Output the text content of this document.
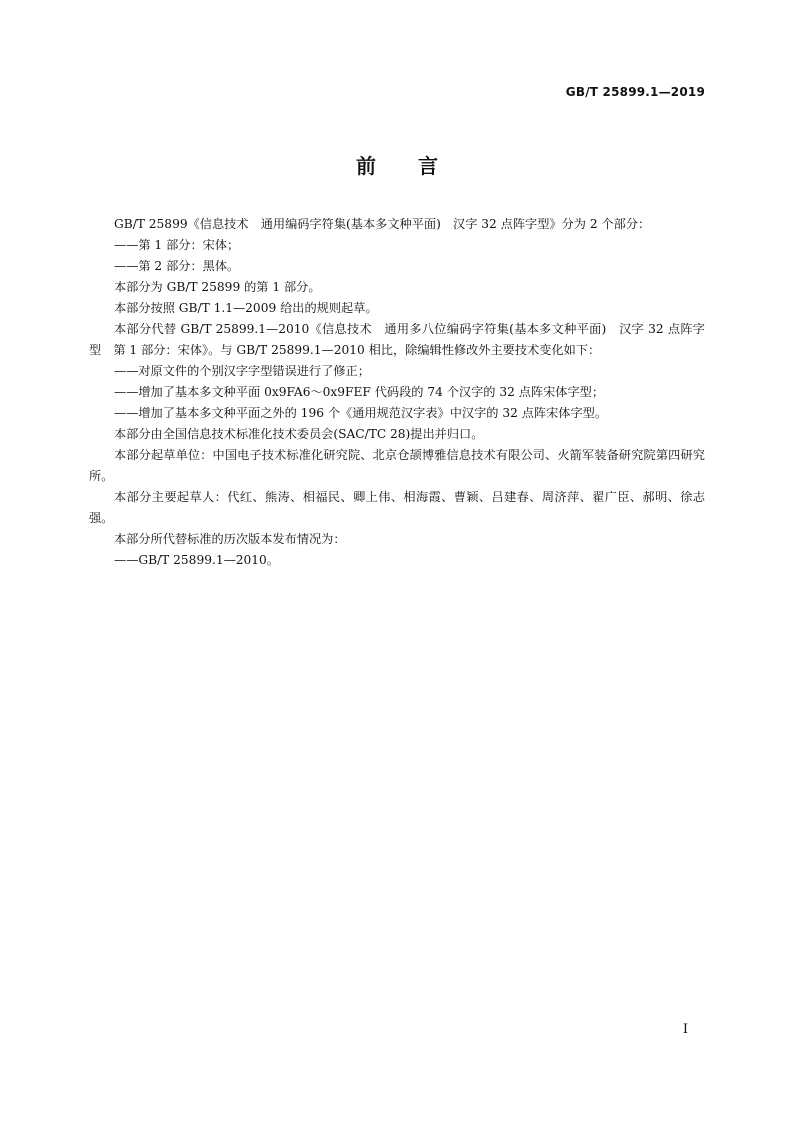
GB/T 25899.1—2019
前言

GB/T 25899《信息技术　通用编码字符集(基本多文种平面)　汉字 32 点阵字型》分为 2 个部分：

——第 1 部分：宋体；

——第 2 部分：黑体。

本部分为 GB/T 25899 的第 1 部分。

本部分按照 GB/T 1.1—2009 给出的规则起草。

本部分代替 GB/T 25899.1—2010《信息技术　通用多八位编码字符集(基本多文种平面)　汉字 32 点阵字型　第 1 部分：宋体》。与 GB/T 25899.1—2010 相比，除编辑性修改外主要技术变化如下：

——对原文件的个别汉字字型错误进行了修正；

——增加了基本多文种平面 0x9FA6～0x9FEF 代码段的 74 个汉字的 32 点阵宋体字型；

——增加了基本多文种平面之外的 196 个《通用规范汉字表》中汉字的 32 点阵宋体字型。

本部分由全国信息技术标准化技术委员会(SAC/TC 28)提出并归口。

本部分起草单位：中国电子技术标准化研究院、北京仓颉博雅信息技术有限公司、火箭军装备研究院第四研究所。

本部分主要起草人：代红、熊涛、相福民、卿上伟、相海霞、曹颖、吕建春、周济萍、翟广臣、郝明、徐志强。

本部分所代替标准的历次版本发布情况为：

——GB/T 25899.1—2010。

I
